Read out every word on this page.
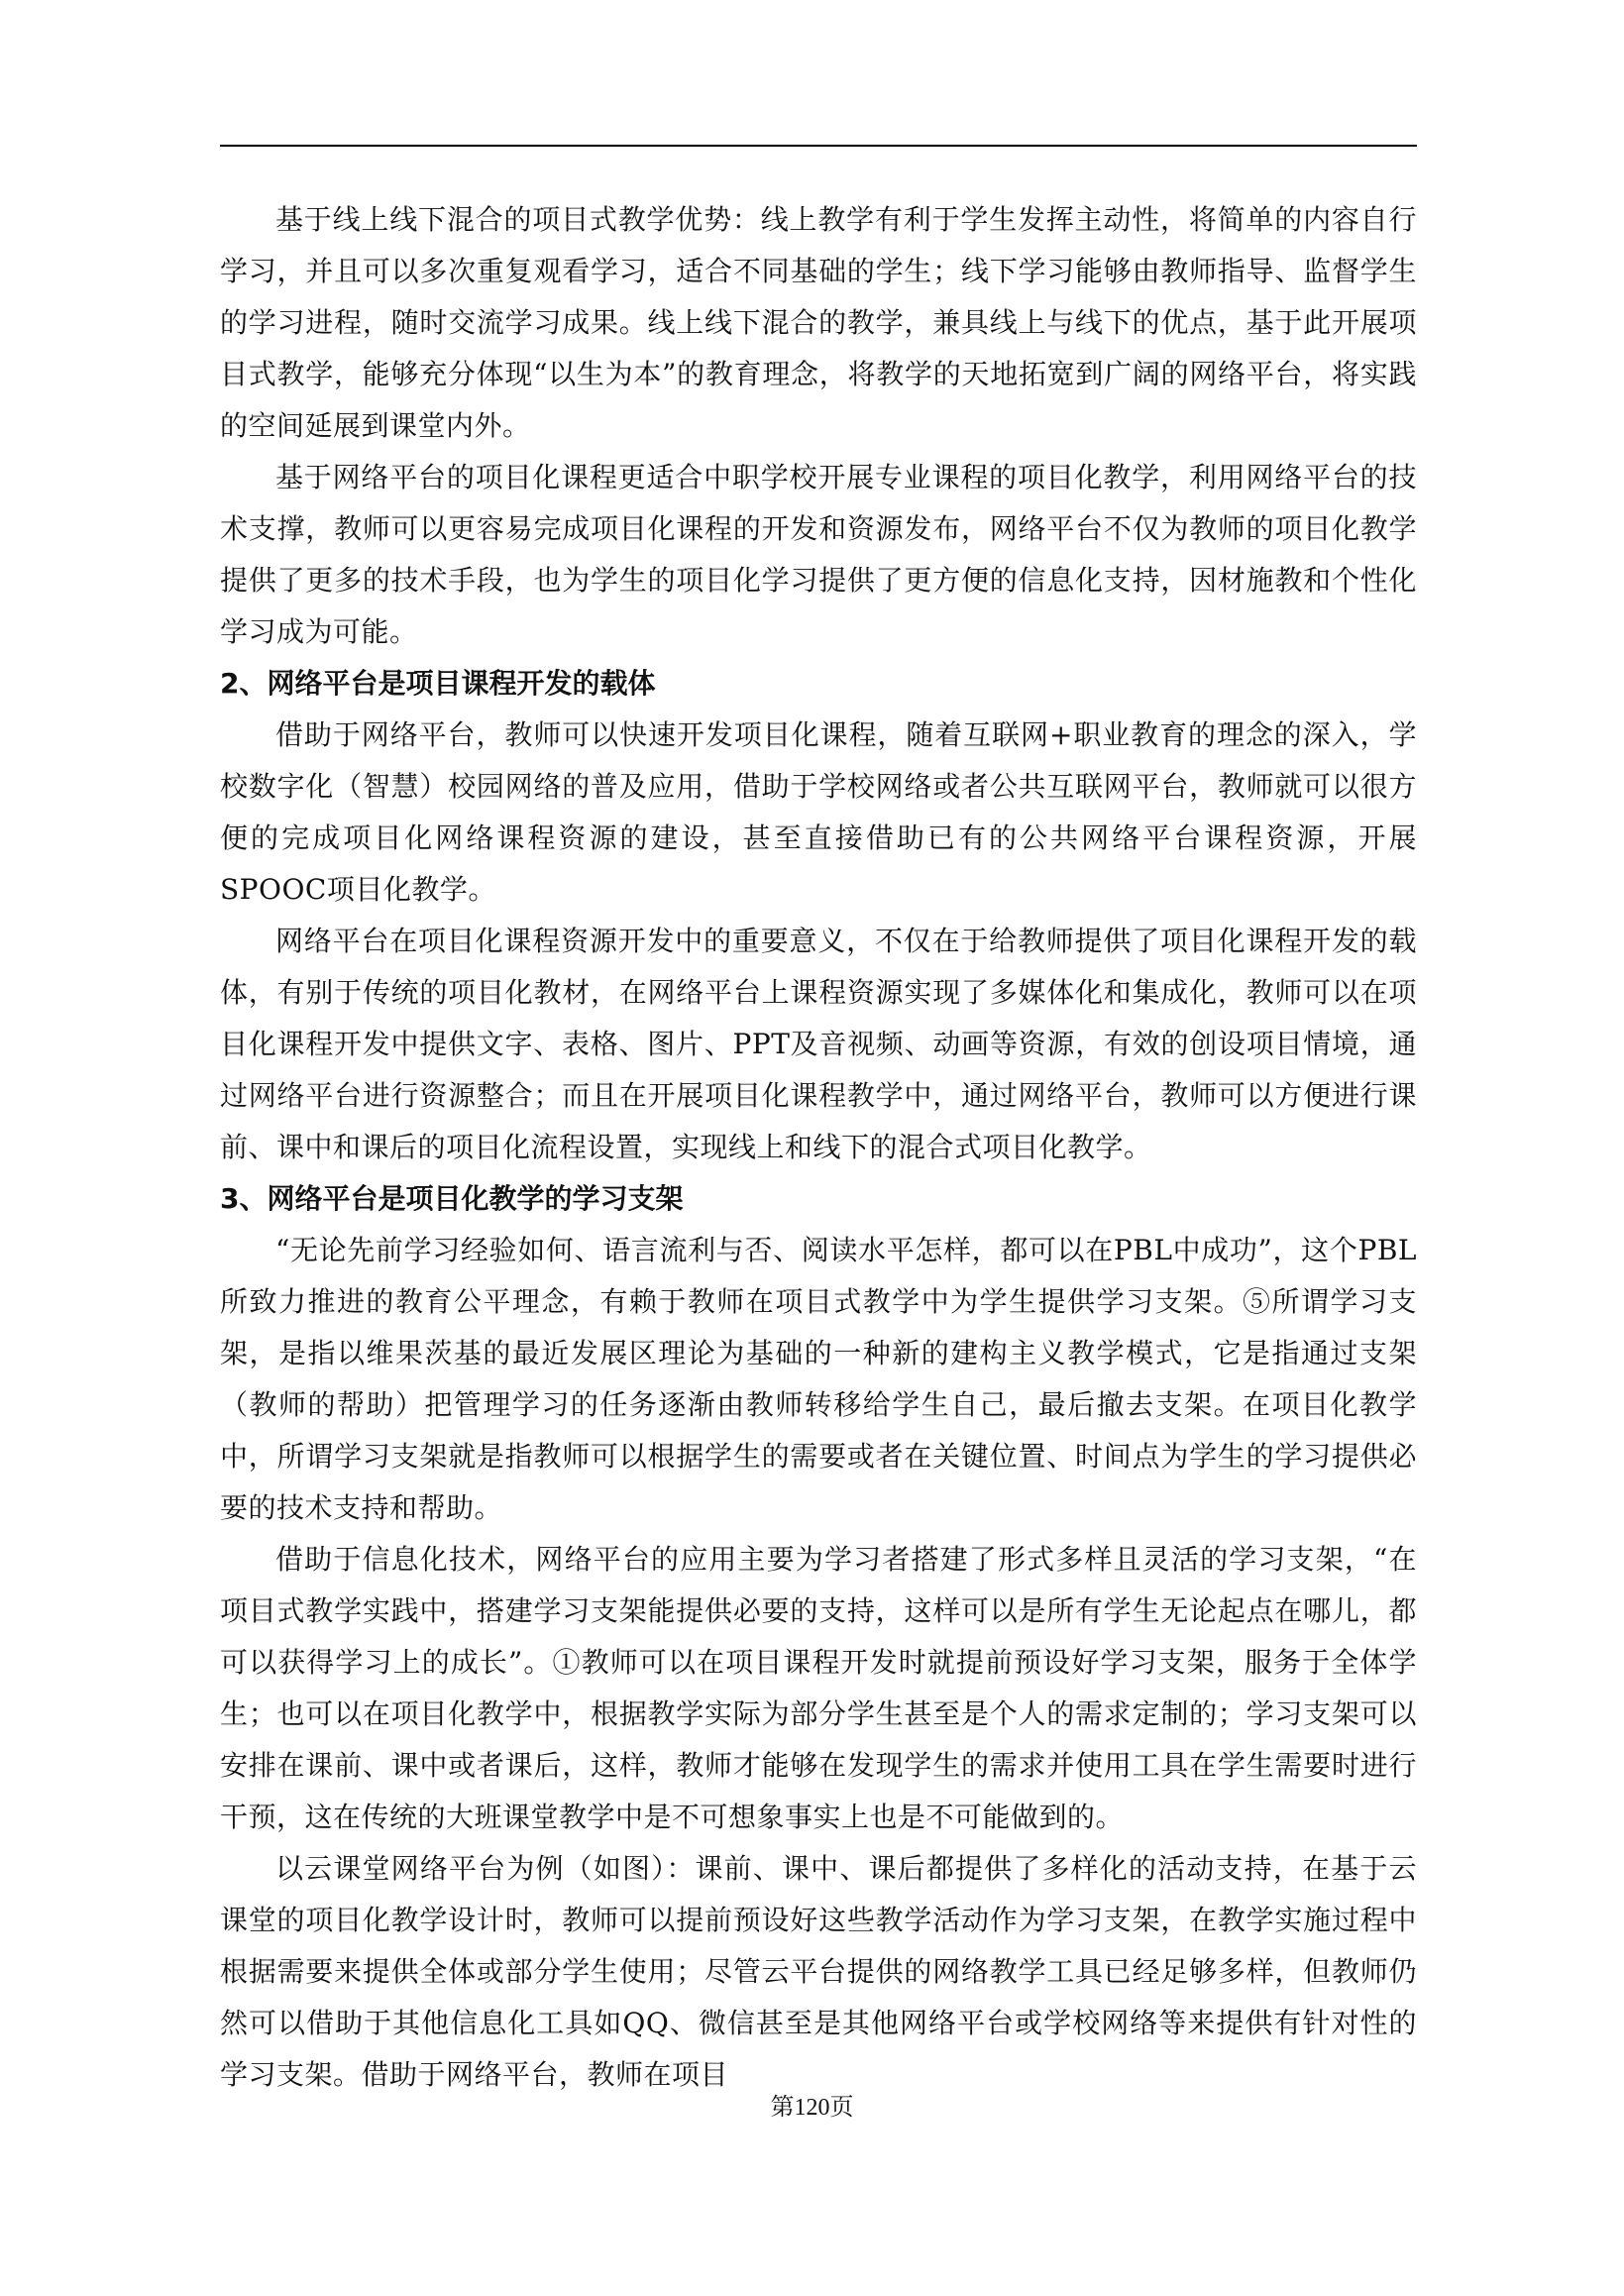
基于线上线下混合的项目式教学优势：线上教学有利于学生发挥主动性，将简单的内容自行学习，并且可以多次重复观看学习，适合不同基础的学生；线下学习能够由教师指导、监督学生的学习进程，随时交流学习成果。线上线下混合的教学，兼具线上与线下的优点，基于此开展项目式教学，能够充分体现“以生为本”的教育理念，将教学的天地拓宽到广阔的网络平台，将实践的空间延展到课堂内外。

基于网络平台的项目化课程更适合中职学校开展专业课程的项目化教学，利用网络平台的技术支撑，教师可以更容易完成项目化课程的开发和资源发布，网络平台不仅为教师的项目化教学提供了更多的技术手段，也为学生的项目化学习提供了更方便的信息化支持，因材施教和个性化学习成为可能。

2、网络平台是项目课程开发的载体

借助于网络平台，教师可以快速开发项目化课程，随着互联网+职业教育的理念的深入，学校数字化（智慧）校园网络的普及应用，借助于学校网络或者公共互联网平台，教师就可以很方便的完成项目化网络课程资源的建设，甚至直接借助已有的公共网络平台课程资源，开展SPOOC项目化教学。

网络平台在项目化课程资源开发中的重要意义，不仅在于给教师提供了项目化课程开发的载体，有别于传统的项目化教材，在网络平台上课程资源实现了多媒体化和集成化，教师可以在项目化课程开发中提供文字、表格、图片、PPT及音视频、动画等资源，有效的创设项目情境，通过网络平台进行资源整合；而且在开展项目化课程教学中，通过网络平台，教师可以方便进行课前、课中和课后的项目化流程设置，实现线上和线下的混合式项目化教学。

3、网络平台是项目化教学的学习支架

“无论先前学习经验如何、语言流利与否、阅读水平怎样，都可以在PBL中成功”，这个PBL所致力推进的教育公平理念，有赖于教师在项目式教学中为学生提供学习支架。⑤所谓学习支架，是指以维果茨基的最近发展区理论为基础的一种新的建构主义教学模式，它是指通过支架（教师的帮助）把管理学习的任务逐渐由教师转移给学生自己，最后撤去支架。在项目化教学中，所谓学习支架就是指教师可以根据学生的需要或者在关键位置、时间点为学生的学习提供必要的技术支持和帮助。

借助于信息化技术，网络平台的应用主要为学习者搭建了形式多样且灵活的学习支架，“在项目式教学实践中，搭建学习支架能提供必要的支持，这样可以是所有学生无论起点在哪儿，都可以获得学习上的成长”。①教师可以在项目课程开发时就提前预设好学习支架，服务于全体学生；也可以在项目化教学中，根据教学实际为部分学生甚至是个人的需求定制的；学习支架可以安排在课前、课中或者课后，这样，教师才能够在发现学生的需求并使用工具在学生需要时进行干预，这在传统的大班课堂教学中是不可想象事实上也是不可能做到的。

以云课堂网络平台为例（如图）：课前、课中、课后都提供了多样化的活动支持，在基于云课堂的项目化教学设计时，教师可以提前预设好这些教学活动作为学习支架，在教学实施过程中根据需要来提供全体或部分学生使用；尽管云平台提供的网络教学工具已经足够多样，但教师仍然可以借助于其他信息化工具如QQ、微信甚至是其他网络平台或学校网络等来提供有针对性的学习支架。借助于网络平台，教师在项目

第120页
